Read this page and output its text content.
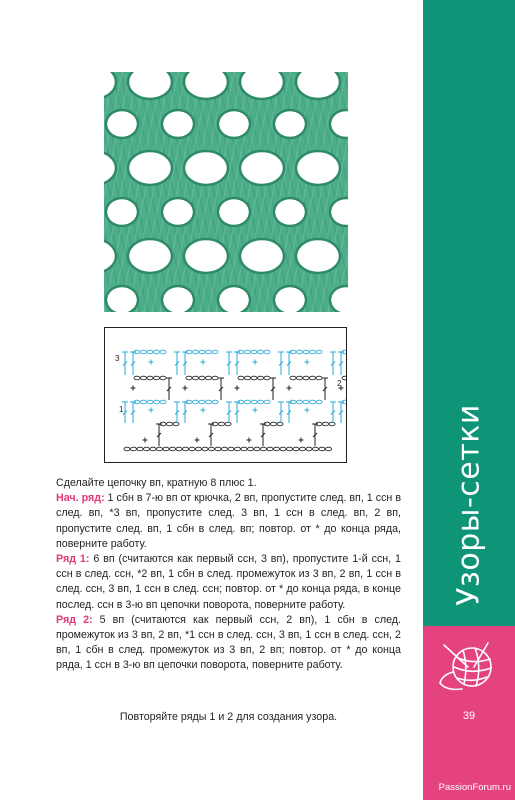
3
1
2

Сделайте цепочку вп, кратную 8 плюс 1.

Нач. ряд: 1 сбн в 7-ю вп от крючка, 2 вп, пропустите след. вп, 1 ссн в след. вп, *3 вп, пропустите след. 3 вп, 1 ссн в след. вп, 2 вп, пропустите след. вп, 1 сбн в след. вп; повтор. от * до конца ряда, поверните работу.

Ряд 1: 6 вп (считаются как первый ссн, 3 вп), пропустите 1-й ссн, 1 ссн в след. ссн, *2 вп, 1 сбн в след. промежуток из 3 вп, 2 вп, 1 ссн в след. ссн, 3 вп, 1 ссн в след. ссн; повтор. от * до конца ряда, в конце послед. ссн в 3-ю вп цепочки поворота, поверните работу.

Ряд 2: 5 вп (считаются как первый ссн, 2 вп), 1 сбн в след. промежуток из 3 вп, 2 вп, *1 ссн в след. ссн, 3 вп, 1 ссн в след. ссн, 2 вп, 1 сбн в след. промежуток из 3 вп, 2 вп; повтор. от * до конца ряда, 1 ссн в 3-ю вп цепочки поворота, поверните работу.

Повторяйте ряды 1 и 2 для создания узора.
Узоры-сетки
39
PassionForum.ru
